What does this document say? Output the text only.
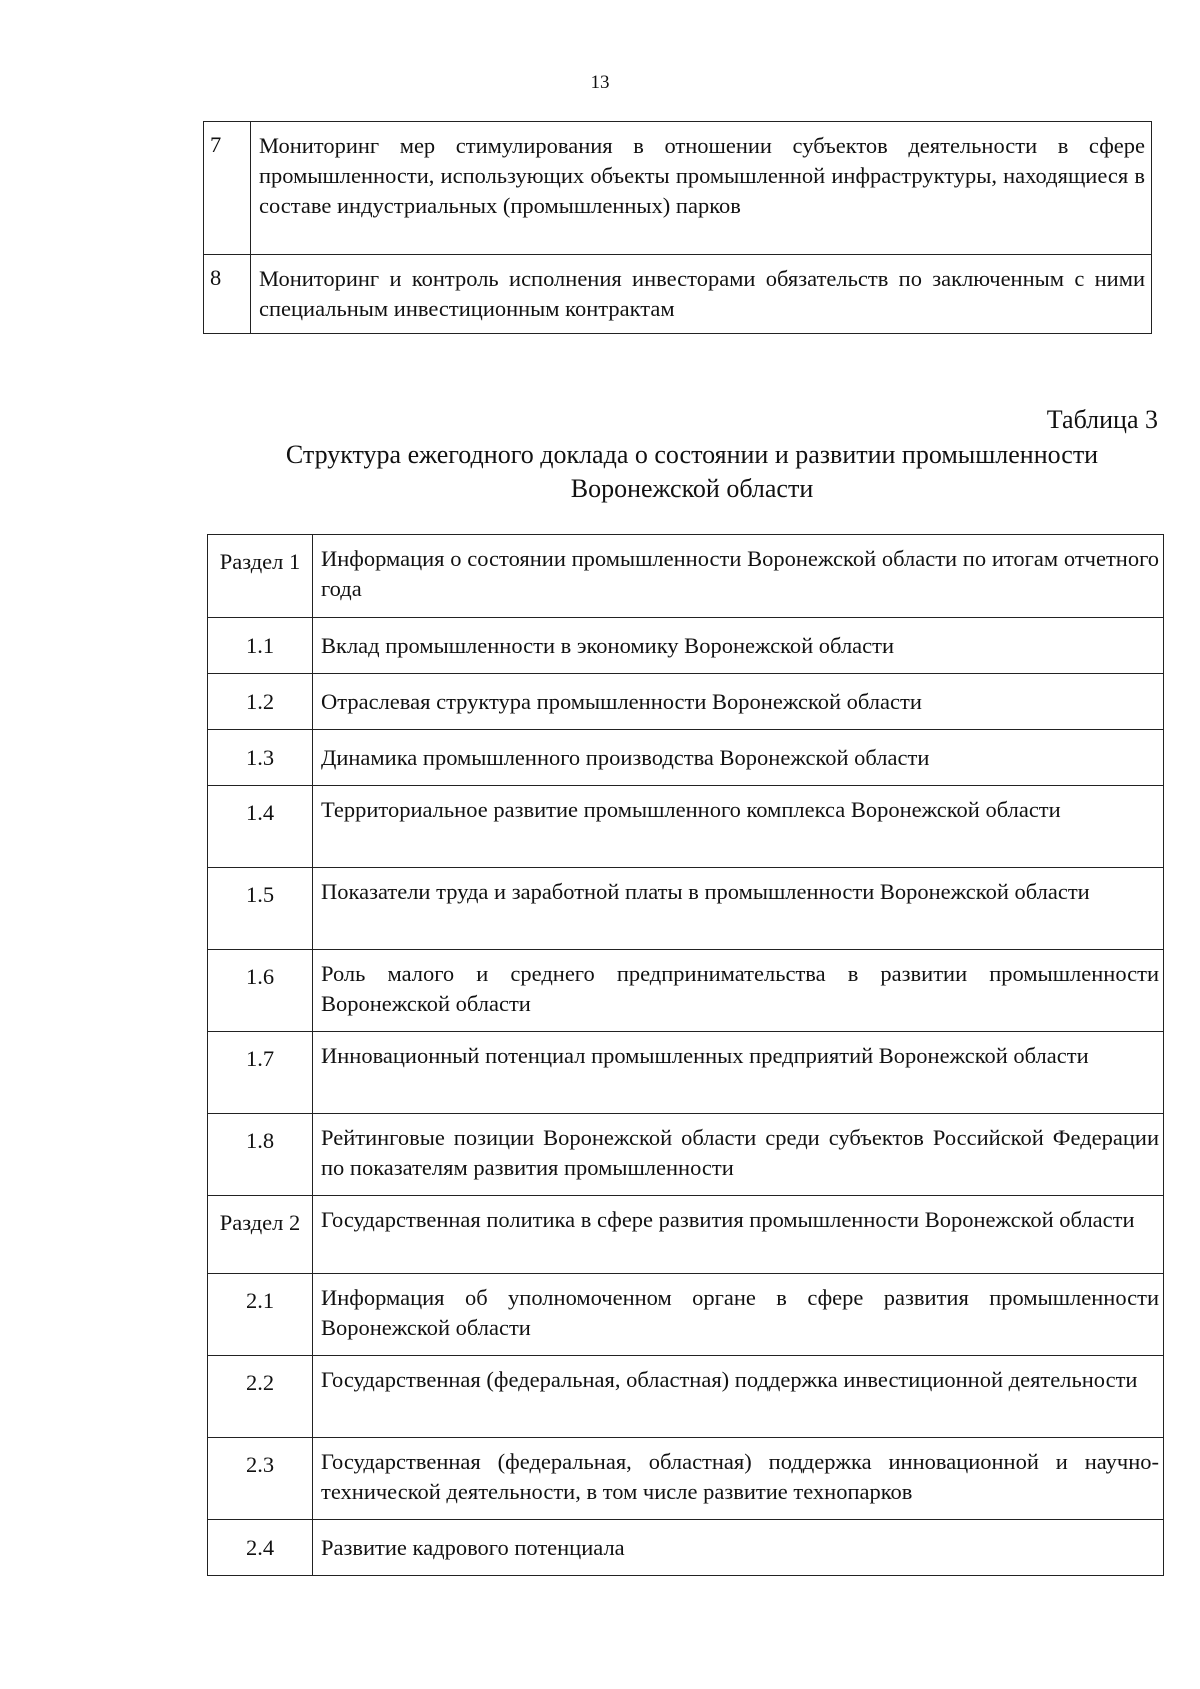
13
7	Мониторинг мер стимулирования в отношении субъектов деятельности в сфере промышленности, использующих объекты промышленной инфраструктуры, находящиеся в составе индустриальных (промышленных) парков
8	Мониторинг и контроль исполнения инвесторами обязательств по заключенным с ними специальным инвестиционным контрактам
Таблица 3
Структура ежегодного доклада о состоянии и развитии промышленности
Воронежской области
Раздел 1	Информация о состоянии промышленности Воронежской области по итогам отчетного года
1.1	Вклад промышленности в экономику Воронежской области
1.2	Отраслевая структура промышленности Воронежской области
1.3	Динамика промышленного производства Воронежской области
1.4	Территориальное развитие промышленного комплекса Воронежской области
1.5	Показатели труда и заработной платы в промышленности Воронежской области
1.6	Роль малого и среднего предпринимательства в развитии промышленности Воронежской области
1.7	Инновационный потенциал промышленных предприятий Воронежской области
1.8	Рейтинговые позиции Воронежской области среди субъектов Российской Федерации по показателям развития промышленности
Раздел 2	Государственная политика в сфере развития промышленности Воронежской области
2.1	Информация об уполномоченном органе в сфере развития промышленности Воронежской области
2.2	Государственная (федеральная, областная) поддержка инвестиционной деятельности
2.3	Государственная (федеральная, областная) поддержка инновационной и научно-технической деятельности, в том числе развитие технопарков
2.4	Развитие кадрового потенциала
